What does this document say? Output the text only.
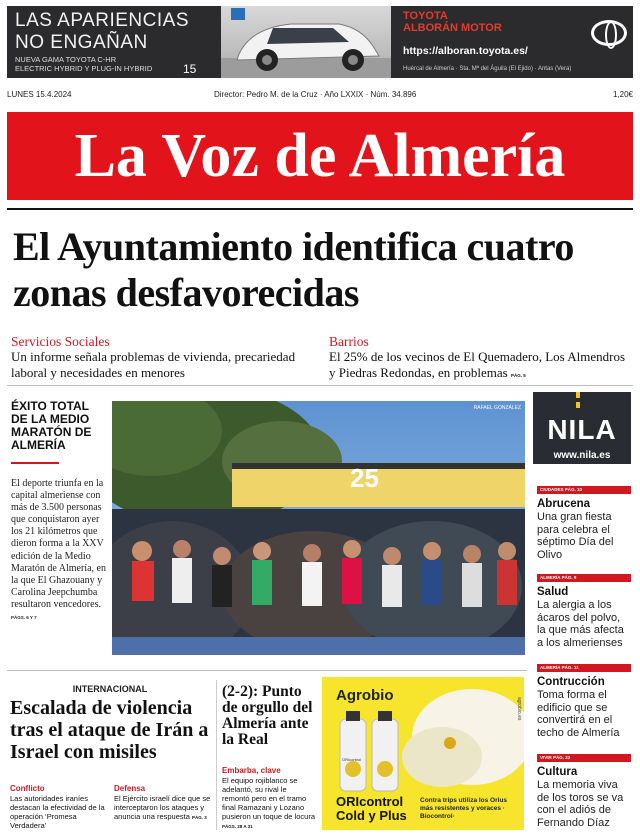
LAS APARIENCIAS
NO ENGAÑAN
NUEVA GAMA TOYOTA C-HR
ELECTRIC HYBRID Y PLUG-IN HYBRID	15
TOYOTA
ALBORÁN MOTOR
https://alboran.toyota.es/
Huércal de Almería · Sta. Mª del Águila (El Ejido) · Antas (Vera)
LUNES 15.4.2024	Director: Pedro M. de la Cruz · Año LXXIX · Núm. 34.896	1,20€
La Voz de Almería
El Ayuntamiento identifica cuatro zonas desfavorecidas
Servicios Sociales
Un informe señala problemas de vivienda, precariedad laboral y necesidades en menores
Barrios
El 25% de los vecinos de El Quemadero, Los Almendros y Piedras Redondas, en problemas PÁG. 5
ÉXITO TOTAL DE LA MEDIO MARATÓN DE ALMERÍA
El deporte triunfa en la capital almeriense con más de 3.500 personas que conquistaron ayer los 21 kilómetros que dieron forma a la XXV edición de la Medio Maratón de Almería, en la que El Ghazouany y Carolina Jeepchumba resultaron vencedores. PÁGS. 6 Y 7
25
RAFAEL GONZÁLEZ
NILA
www.nila.es
CIUDADES PÁG. 10
Abrucena
Una gran fiesta para celebra el séptimo Día del Olivo
ALMERÍA PÁG. 9
Salud
La alergia a los ácaros del polvo, la que más afecta a los almerienses
ALMERÍA PÁG. 11
Contrucción
Toma forma el edificio que se convertirá en el techo de Almería
VIVIR PÁG. 22
Cultura
La memoria viva de los toros se va con el adiós de Fernando Díaz
INTERNACIONAL
Escalada de violencia tras el ataque de Irán a Israel con misiles
Conflicto
Las autoridades iraníes destacan la efectividad de la operación ‘Promesa Verdadera’
Defensa
El Ejército israelí dice que se interceptaron los ataques y anuncia una respuesta PÁG. 3
(2-2): Punto de orgullo del Almería ante la Real
Embarba, clave
El equipo rojiblanco se adelantó, su rival le remontó pero en el tramo final Ramazani y Lozano pusieron un toque de locura PÁGS. 28 A 31
Agrobio
ORIcontrol
agrobio.es
ORIcontrol
Cold y Plus
Contra trips utiliza los Orius más resistentes y voraces · Biocontrol·
